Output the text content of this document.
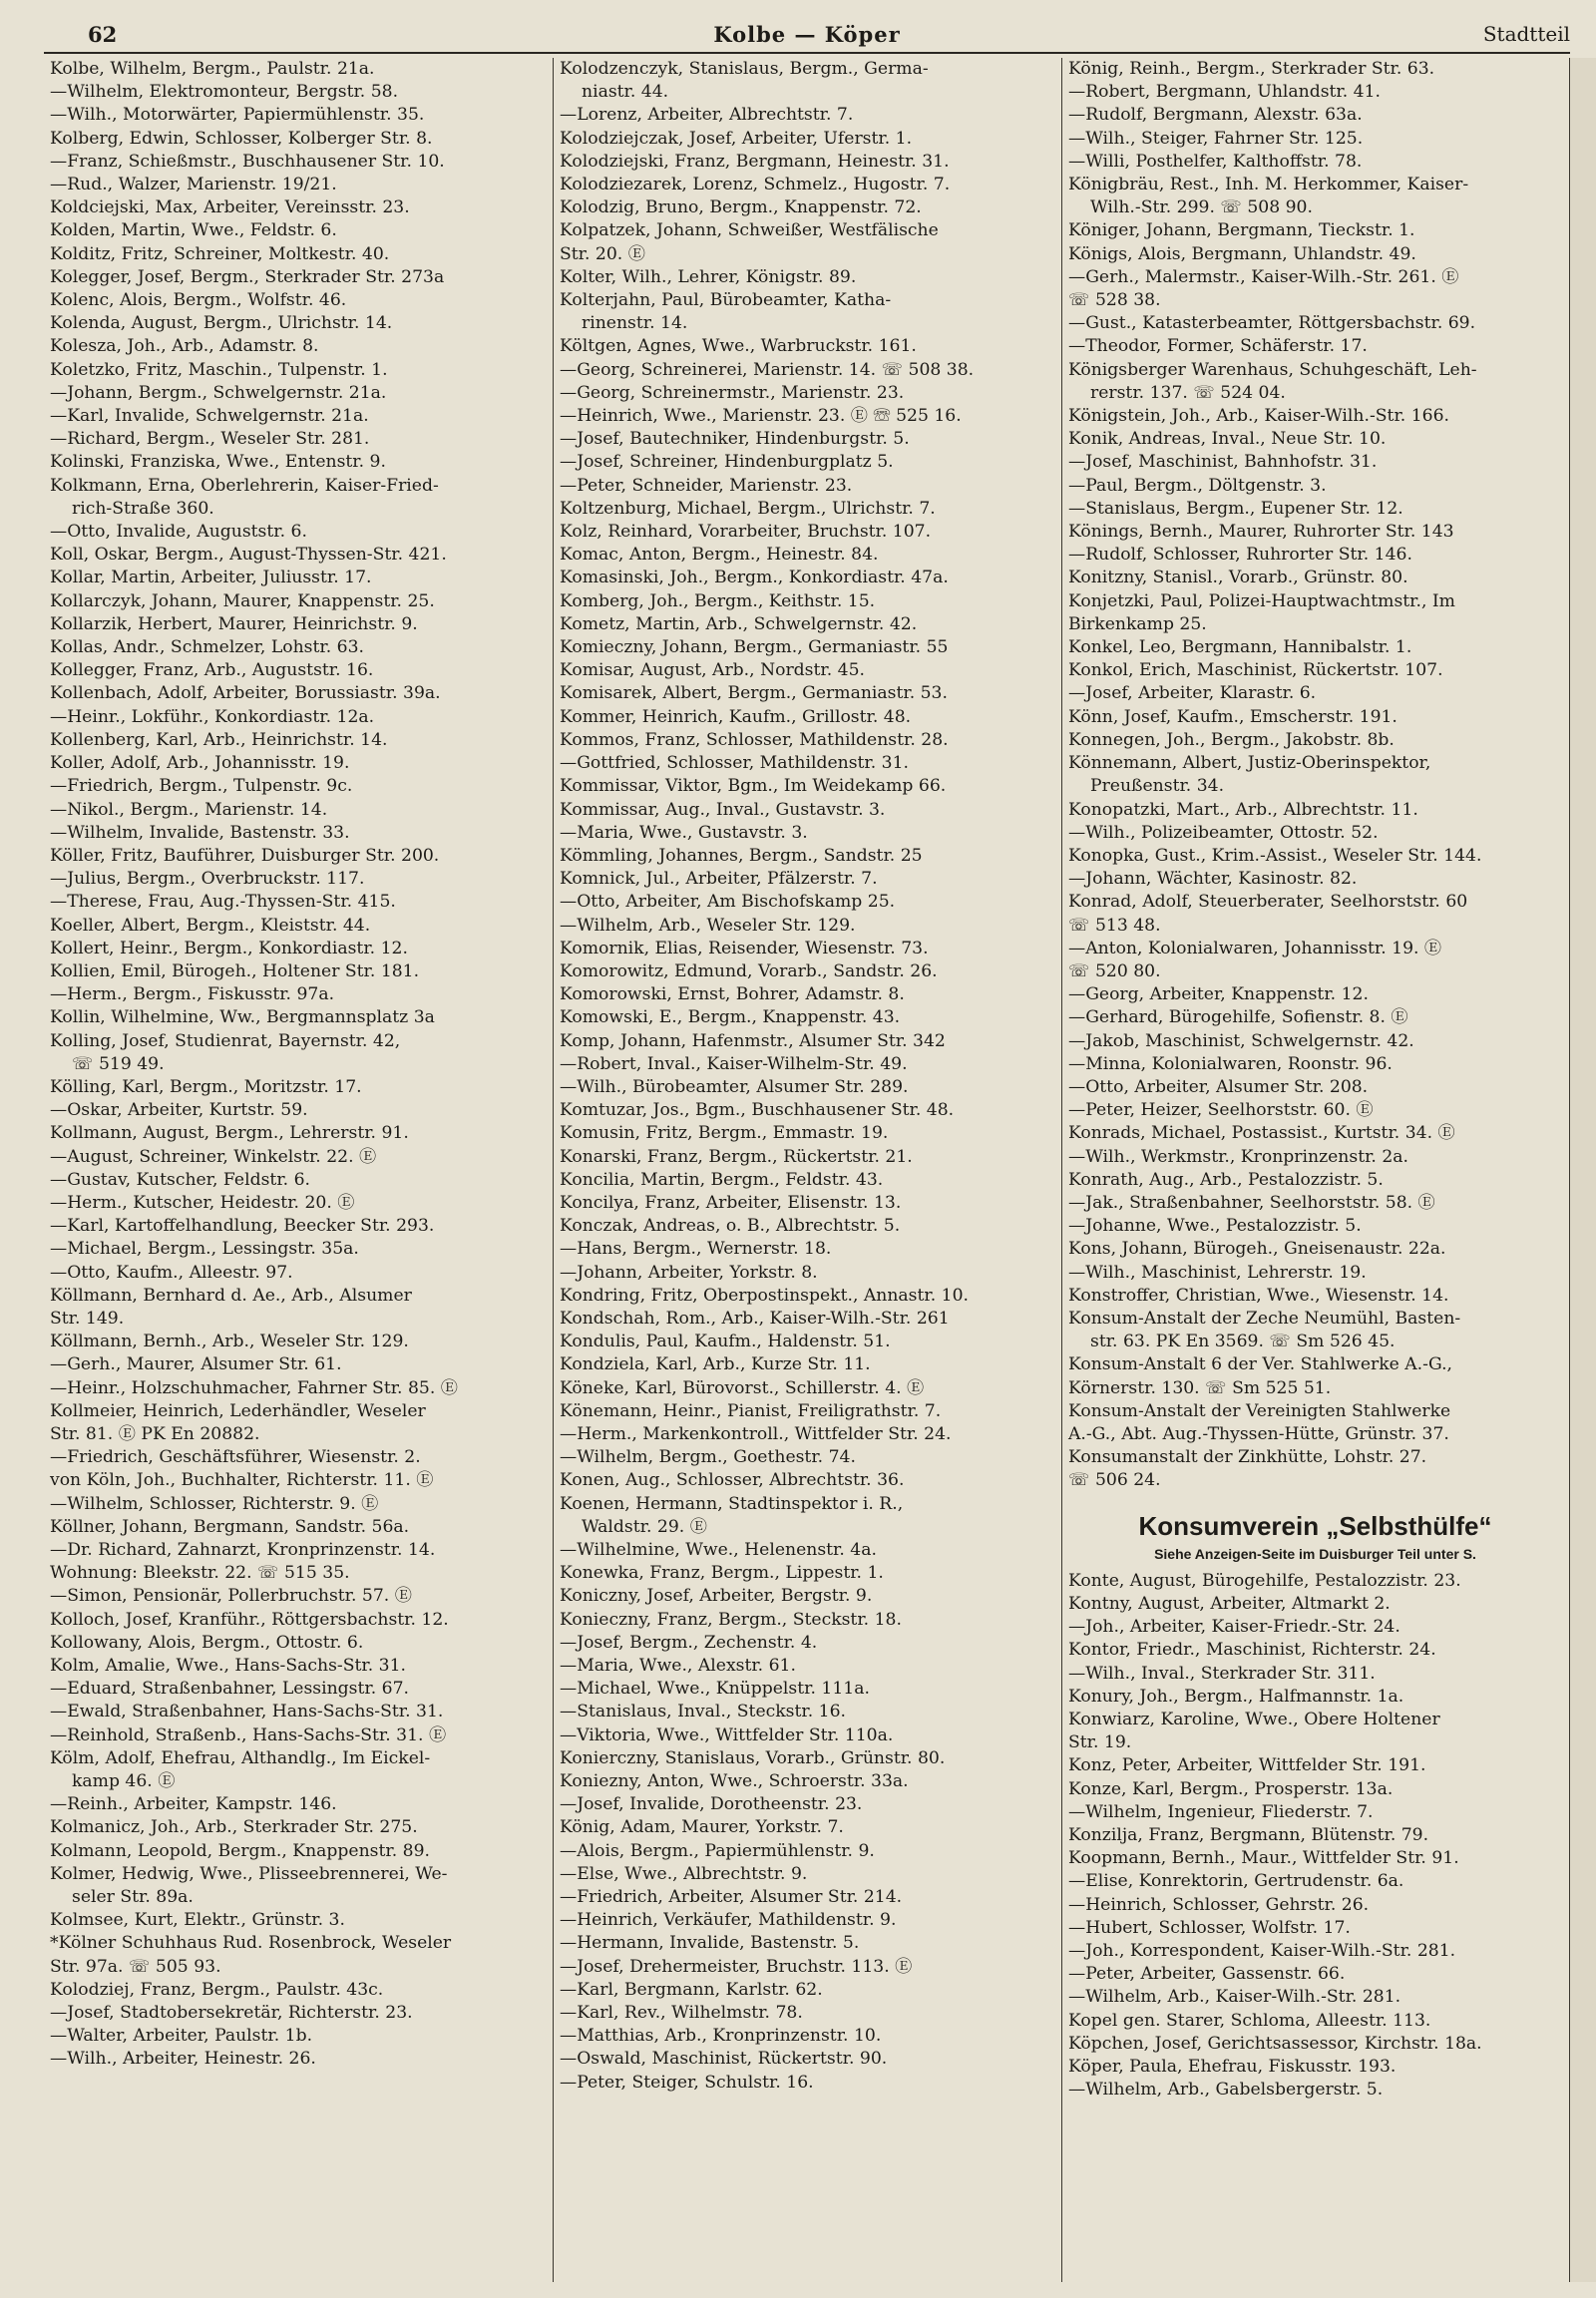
62	Kolbe — Köper	Stadtteil
Kolbe, Wilhelm, Bergm., Paulstr. 21a.
—Wilhelm, Elektromonteur, Bergstr. 58.
—Wilh., Motorwärter, Papiermühlenstr. 35.
Kolberg, Edwin, Schlosser, Kolberger Str. 8.
—Franz, Schießmstr., Buschhausener Str. 10.
—Rud., Walzer, Marienstr. 19/21.
Koldciejski, Max, Arbeiter, Vereinsstr. 23.
Kolden, Martin, Wwe., Feldstr. 6.
Kolditz, Fritz, Schreiner, Moltkestr. 40.
Kolegger, Josef, Bergm., Sterkrader Str. 273a
Kolenc, Alois, Bergm., Wolfstr. 46.
Kolenda, August, Bergm., Ulrichstr. 14.
Kolesza, Joh., Arb., Adamstr. 8.
Koletzko, Fritz, Maschin., Tulpenstr. 1.
—Johann, Bergm., Schwelgernstr. 21a.
—Karl, Invalide, Schwelgernstr. 21a.
—Richard, Bergm., Weseler Str. 281.
Kolinski, Franziska, Wwe., Entenstr. 9.
Kolkmann, Erna, Oberlehrerin, Kaiser-Fried-
rich-Straße 360.
—Otto, Invalide, Auguststr. 6.
Koll, Oskar, Bergm., August-Thyssen-Str. 421.
Kollar, Martin, Arbeiter, Juliusstr. 17.
Kollarczyk, Johann, Maurer, Knappenstr. 25.
Kollarzik, Herbert, Maurer, Heinrichstr. 9.
Kollas, Andr., Schmelzer, Lohstr. 63.
Kollegger, Franz, Arb., Auguststr. 16.
Kollenbach, Adolf, Arbeiter, Borussiastr. 39a.
—Heinr., Lokführ., Konkordiastr. 12a.
Kollenberg, Karl, Arb., Heinrichstr. 14.
Koller, Adolf, Arb., Johannisstr. 19.
—Friedrich, Bergm., Tulpenstr. 9c.
—Nikol., Bergm., Marienstr. 14.
—Wilhelm, Invalide, Bastenstr. 33.
Köller, Fritz, Bauführer, Duisburger Str. 200.
—Julius, Bergm., Overbruckstr. 117.
—Therese, Frau, Aug.-Thyssen-Str. 415.
Koeller, Albert, Bergm., Kleiststr. 44.
Kollert, Heinr., Bergm., Konkordiastr. 12.
Kollien, Emil, Bürogeh., Holtener Str. 181.
—Herm., Bergm., Fiskusstr. 97a.
Kollin, Wilhelmine, Ww., Bergmannsplatz 3a
Kolling, Josef, Studienrat, Bayernstr. 42,
☏ 519 49.
Kölling, Karl, Bergm., Moritzstr. 17.
—Oskar, Arbeiter, Kurtstr. 59.
Kollmann, August, Bergm., Lehrerstr. 91.
—August, Schreiner, Winkelstr. 22. Ⓔ
—Gustav, Kutscher, Feldstr. 6.
—Herm., Kutscher, Heidestr. 20. Ⓔ
—Karl, Kartoffelhandlung, Beecker Str. 293.
—Michael, Bergm., Lessingstr. 35a.
—Otto, Kaufm., Alleestr. 97.
Köllmann, Bernhard d. Ae., Arb., Alsumer
Str. 149.
Köllmann, Bernh., Arb., Weseler Str. 129.
—Gerh., Maurer, Alsumer Str. 61.
—Heinr., Holzschuhmacher, Fahrner Str. 85. Ⓔ
Kollmeier, Heinrich, Lederhändler, Weseler
Str. 81. Ⓔ PK En 20882.
—Friedrich, Geschäftsführer, Wiesenstr. 2.
von Köln, Joh., Buchhalter, Richterstr. 11. Ⓔ
—Wilhelm, Schlosser, Richterstr. 9. Ⓔ
Köllner, Johann, Bergmann, Sandstr. 56a.
—Dr. Richard, Zahnarzt, Kronprinzenstr. 14.
Wohnung: Bleekstr. 22. ☏ 515 35.
—Simon, Pensionär, Pollerbruchstr. 57. Ⓔ
Kolloch, Josef, Kranführ., Röttgersbachstr. 12.
Kollowany, Alois, Bergm., Ottostr. 6.
Kolm, Amalie, Wwe., Hans-Sachs-Str. 31.
—Eduard, Straßenbahner, Lessingstr. 67.
—Ewald, Straßenbahner, Hans-Sachs-Str. 31.
—Reinhold, Straßenb., Hans-Sachs-Str. 31. Ⓔ
Kölm, Adolf, Ehefrau, Althandlg., Im Eickel-
kamp 46. Ⓔ
—Reinh., Arbeiter, Kampstr. 146.
Kolmanicz, Joh., Arb., Sterkrader Str. 275.
Kolmann, Leopold, Bergm., Knappenstr. 89.
Kolmer, Hedwig, Wwe., Plisseebrennerei, We-
seler Str. 89a.
Kolmsee, Kurt, Elektr., Grünstr. 3.
*Kölner Schuhhaus Rud. Rosenbrock, Weseler
Str. 97a. ☏ 505 93.
Kolodziej, Franz, Bergm., Paulstr. 43c.
—Josef, Stadtobersekretär, Richterstr. 23.
—Walter, Arbeiter, Paulstr. 1b.
—Wilh., Arbeiter, Heinestr. 26.
Kolodzenczyk, Stanislaus, Bergm., Germa-
niastr. 44.
—Lorenz, Arbeiter, Albrechtstr. 7.
Kolodziejczak, Josef, Arbeiter, Uferstr. 1.
Kolodziejski, Franz, Bergmann, Heinestr. 31.
Kolodziezarek, Lorenz, Schmelz., Hugostr. 7.
Kolodzig, Bruno, Bergm., Knappenstr. 72.
Kolpatzek, Johann, Schweißer, Westfälische
Str. 20. Ⓔ
Kolter, Wilh., Lehrer, Königstr. 89.
Kolterjahn, Paul, Bürobeamter, Katha-
rinenstr. 14.
Költgen, Agnes, Wwe., Warbruckstr. 161.
—Georg, Schreinerei, Marienstr. 14. ☏ 508 38.
—Georg, Schreinermstr., Marienstr. 23.
—Heinrich, Wwe., Marienstr. 23. Ⓔ ☏ 525 16.
—Josef, Bautechniker, Hindenburgstr. 5.
—Josef, Schreiner, Hindenburgplatz 5.
—Peter, Schneider, Marienstr. 23.
Koltzenburg, Michael, Bergm., Ulrichstr. 7.
Kolz, Reinhard, Vorarbeiter, Bruchstr. 107.
Komac, Anton, Bergm., Heinestr. 84.
Komasinski, Joh., Bergm., Konkordiastr. 47a.
Komberg, Joh., Bergm., Keithstr. 15.
Kometz, Martin, Arb., Schwelgernstr. 42.
Komieczny, Johann, Bergm., Germaniastr. 55
Komisar, August, Arb., Nordstr. 45.
Komisarek, Albert, Bergm., Germaniastr. 53.
Kommer, Heinrich, Kaufm., Grillostr. 48.
Kommos, Franz, Schlosser, Mathildenstr. 28.
—Gottfried, Schlosser, Mathildenstr. 31.
Kommissar, Viktor, Bgm., Im Weidekamp 66.
Kommissar, Aug., Inval., Gustavstr. 3.
—Maria, Wwe., Gustavstr. 3.
Kömmling, Johannes, Bergm., Sandstr. 25
Komnick, Jul., Arbeiter, Pfälzerstr. 7.
—Otto, Arbeiter, Am Bischofskamp 25.
—Wilhelm, Arb., Weseler Str. 129.
Komornik, Elias, Reisender, Wiesenstr. 73.
Komorowitz, Edmund, Vorarb., Sandstr. 26.
Komorowski, Ernst, Bohrer, Adamstr. 8.
Komowski, E., Bergm., Knappenstr. 43.
Komp, Johann, Hafenmstr., Alsumer Str. 342
—Robert, Inval., Kaiser-Wilhelm-Str. 49.
—Wilh., Bürobeamter, Alsumer Str. 289.
Komtuzar, Jos., Bgm., Buschhausener Str. 48.
Komusin, Fritz, Bergm., Emmastr. 19.
Konarski, Franz, Bergm., Rückertstr. 21.
Koncilia, Martin, Bergm., Feldstr. 43.
Koncilya, Franz, Arbeiter, Elisenstr. 13.
Konczak, Andreas, o. B., Albrechtstr. 5.
—Hans, Bergm., Wernerstr. 18.
—Johann, Arbeiter, Yorkstr. 8.
Kondring, Fritz, Oberpostinspekt., Annastr. 10.
Kondschah, Rom., Arb., Kaiser-Wilh.-Str. 261
Kondulis, Paul, Kaufm., Haldenstr. 51.
Kondziela, Karl, Arb., Kurze Str. 11.
Köneke, Karl, Bürovorst., Schillerstr. 4. Ⓔ
Könemann, Heinr., Pianist, Freiligrathstr. 7.
—Herm., Markenkontroll., Wittfelder Str. 24.
—Wilhelm, Bergm., Goethestr. 74.
Konen, Aug., Schlosser, Albrechtstr. 36.
Koenen, Hermann, Stadtinspektor i. R.,
Waldstr. 29. Ⓔ
—Wilhelmine, Wwe., Helenenstr. 4a.
Konewka, Franz, Bergm., Lippestr. 1.
Koniczny, Josef, Arbeiter, Bergstr. 9.
Konieczny, Franz, Bergm., Steckstr. 18.
—Josef, Bergm., Zechenstr. 4.
—Maria, Wwe., Alexstr. 61.
—Michael, Wwe., Knüppelstr. 111a.
—Stanislaus, Inval., Steckstr. 16.
—Viktoria, Wwe., Wittfelder Str. 110a.
Konierczny, Stanislaus, Vorarb., Grünstr. 80.
Koniezny, Anton, Wwe., Schroerstr. 33a.
—Josef, Invalide, Dorotheenstr. 23.
König, Adam, Maurer, Yorkstr. 7.
—Alois, Bergm., Papiermühlenstr. 9.
—Else, Wwe., Albrechtstr. 9.
—Friedrich, Arbeiter, Alsumer Str. 214.
—Heinrich, Verkäufer, Mathildenstr. 9.
—Hermann, Invalide, Bastenstr. 5.
—Josef, Drehermeister, Bruchstr. 113. Ⓔ
—Karl, Bergmann, Karlstr. 62.
—Karl, Rev., Wilhelmstr. 78.
—Matthias, Arb., Kronprinzenstr. 10.
—Oswald, Maschinist, Rückertstr. 90.
—Peter, Steiger, Schulstr. 16.
König, Reinh., Bergm., Sterkrader Str. 63.
—Robert, Bergmann, Uhlandstr. 41.
—Rudolf, Bergmann, Alexstr. 63a.
—Wilh., Steiger, Fahrner Str. 125.
—Willi, Posthelfer, Kalthoffstr. 78.
Königbräu, Rest., Inh. M. Herkommer, Kaiser-
Wilh.-Str. 299. ☏ 508 90.
Königer, Johann, Bergmann, Tieckstr. 1.
Königs, Alois, Bergmann, Uhlandstr. 49.
—Gerh., Malermstr., Kaiser-Wilh.-Str. 261. Ⓔ
☏ 528 38.
—Gust., Katasterbeamter, Röttgersbachstr. 69.
—Theodor, Former, Schäferstr. 17.
Königsberger Warenhaus, Schuhgeschäft, Leh-
rerstr. 137. ☏ 524 04.
Königstein, Joh., Arb., Kaiser-Wilh.-Str. 166.
Konik, Andreas, Inval., Neue Str. 10.
—Josef, Maschinist, Bahnhofstr. 31.
—Paul, Bergm., Döltgenstr. 3.
—Stanislaus, Bergm., Eupener Str. 12.
Könings, Bernh., Maurer, Ruhrorter Str. 143
—Rudolf, Schlosser, Ruhrorter Str. 146.
Konitzny, Stanisl., Vorarb., Grünstr. 80.
Konjetzki, Paul, Polizei-Hauptwachtmstr., Im
Birkenkamp 25.
Konkel, Leo, Bergmann, Hannibalstr. 1.
Konkol, Erich, Maschinist, Rückertstr. 107.
—Josef, Arbeiter, Klarastr. 6.
Könn, Josef, Kaufm., Emscherstr. 191.
Konnegen, Joh., Bergm., Jakobstr. 8b.
Könnemann, Albert, Justiz-Oberinspektor,
Preußenstr. 34.
Konopatzki, Mart., Arb., Albrechtstr. 11.
—Wilh., Polizeibeamter, Ottostr. 52.
Konopka, Gust., Krim.-Assist., Weseler Str. 144.
—Johann, Wächter, Kasinostr. 82.
Konrad, Adolf, Steuerberater, Seelhorststr. 60
☏ 513 48.
—Anton, Kolonialwaren, Johannisstr. 19. Ⓔ
☏ 520 80.
—Georg, Arbeiter, Knappenstr. 12.
—Gerhard, Bürogehilfe, Sofienstr. 8. Ⓔ
—Jakob, Maschinist, Schwelgernstr. 42.
—Minna, Kolonialwaren, Roonstr. 96.
—Otto, Arbeiter, Alsumer Str. 208.
—Peter, Heizer, Seelhorststr. 60. Ⓔ
Konrads, Michael, Postassist., Kurtstr. 34. Ⓔ
—Wilh., Werkmstr., Kronprinzenstr. 2a.
Konrath, Aug., Arb., Pestalozzistr. 5.
—Jak., Straßenbahner, Seelhorststr. 58. Ⓔ
—Johanne, Wwe., Pestalozzistr. 5.
Kons, Johann, Bürogeh., Gneisenaustr. 22a.
—Wilh., Maschinist, Lehrerstr. 19.
Konstroffer, Christian, Wwe., Wiesenstr. 14.
Konsum-Anstalt der Zeche Neumühl, Basten-
str. 63. PK En 3569. ☏ Sm 526 45.
Konsum-Anstalt 6 der Ver. Stahlwerke A.-G.,
Körnerstr. 130. ☏ Sm 525 51.
Konsum-Anstalt der Vereinigten Stahlwerke
A.-G., Abt. Aug.-Thyssen-Hütte, Grünstr. 37.
Konsumanstalt der Zinkhütte, Lohstr. 27.
☏ 506 24.
Konsumverein „Selbsthülfe“
Siehe Anzeigen-Seite im Duisburger Teil unter S.
Konte, August, Bürogehilfe, Pestalozzistr. 23.
Kontny, August, Arbeiter, Altmarkt 2.
—Joh., Arbeiter, Kaiser-Friedr.-Str. 24.
Kontor, Friedr., Maschinist, Richterstr. 24.
—Wilh., Inval., Sterkrader Str. 311.
Konury, Joh., Bergm., Halfmannstr. 1a.
Konwiarz, Karoline, Wwe., Obere Holtener
Str. 19.
Konz, Peter, Arbeiter, Wittfelder Str. 191.
Konze, Karl, Bergm., Prosperstr. 13a.
—Wilhelm, Ingenieur, Fliederstr. 7.
Konzilja, Franz, Bergmann, Blütenstr. 79.
Koopmann, Bernh., Maur., Wittfelder Str. 91.
—Elise, Konrektorin, Gertrudenstr. 6a.
—Heinrich, Schlosser, Gehrstr. 26.
—Hubert, Schlosser, Wolfstr. 17.
—Joh., Korrespondent, Kaiser-Wilh.-Str. 281.
—Peter, Arbeiter, Gassenstr. 66.
—Wilhelm, Arb., Kaiser-Wilh.-Str. 281.
Kopel gen. Starer, Schloma, Alleestr. 113.
Köpchen, Josef, Gerichtsassessor, Kirchstr. 18a.
Köper, Paula, Ehefrau, Fiskusstr. 193.
—Wilhelm, Arb., Gabelsbergerstr. 5.
